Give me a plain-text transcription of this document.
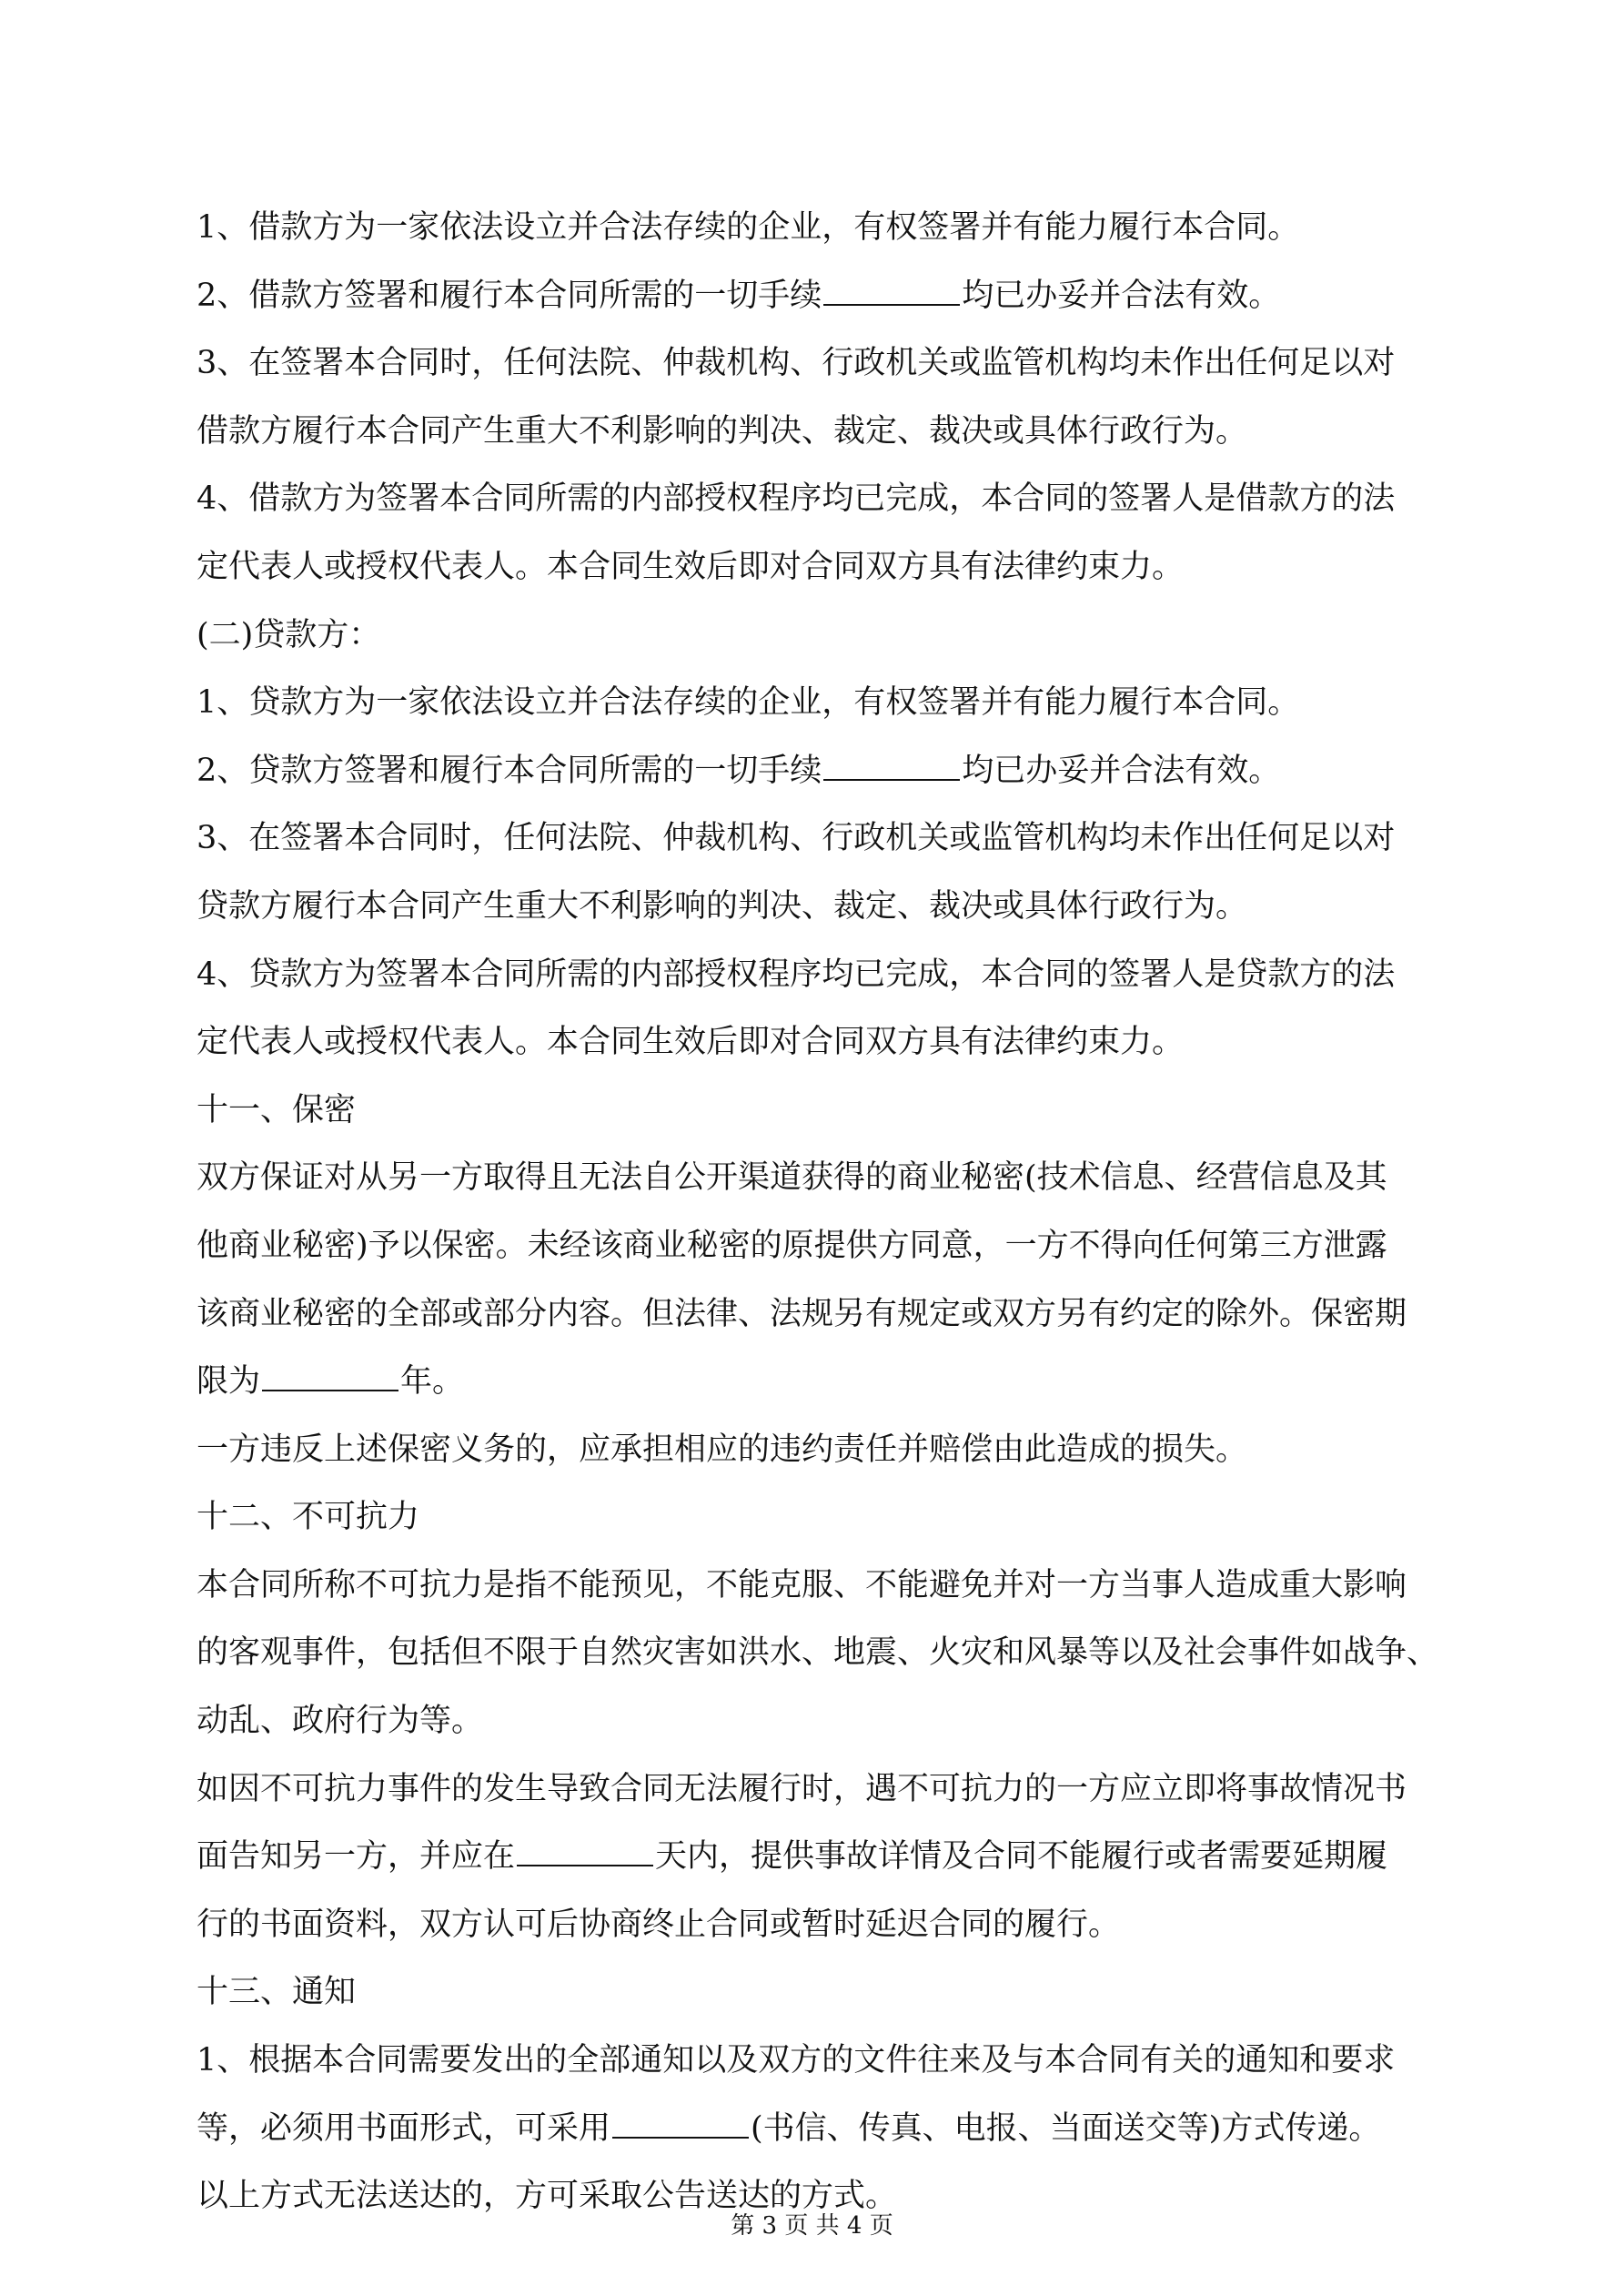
1、借款方为一家依法设立并合法存续的企业，有权签署并有能力履行本合同。
2、借款方签署和履行本合同所需的一切手续	均已办妥并合法有效。
3、在签署本合同时，任何法院、仲裁机构、行政机关或监管机构均未作出任何足以对
借款方履行本合同产生重大不利影响的判决、裁定、裁决或具体行政行为。
4、借款方为签署本合同所需的内部授权程序均已完成，本合同的签署人是借款方的法
定代表人或授权代表人。本合同生效后即对合同双方具有法律约束力。
(二)贷款方：
1、贷款方为一家依法设立并合法存续的企业，有权签署并有能力履行本合同。
2、贷款方签署和履行本合同所需的一切手续	均已办妥并合法有效。
3、在签署本合同时，任何法院、仲裁机构、行政机关或监管机构均未作出任何足以对
贷款方履行本合同产生重大不利影响的判决、裁定、裁决或具体行政行为。
4、贷款方为签署本合同所需的内部授权程序均已完成，本合同的签署人是贷款方的法
定代表人或授权代表人。本合同生效后即对合同双方具有法律约束力。
十一、保密
双方保证对从另一方取得且无法自公开渠道获得的商业秘密(技术信息、经营信息及其
他商业秘密)予以保密。未经该商业秘密的原提供方同意，一方不得向任何第三方泄露
该商业秘密的全部或部分内容。但法律、法规另有规定或双方另有约定的除外。保密期
限为	年。
一方违反上述保密义务的，应承担相应的违约责任并赔偿由此造成的损失。
十二、不可抗力
本合同所称不可抗力是指不能预见，不能克服、不能避免并对一方当事人造成重大影响
的客观事件，包括但不限于自然灾害如洪水、地震、火灾和风暴等以及社会事件如战争、
动乱、政府行为等。
如因不可抗力事件的发生导致合同无法履行时，遇不可抗力的一方应立即将事故情况书
面告知另一方，并应在	天内，提供事故详情及合同不能履行或者需要延期履
行的书面资料，双方认可后协商终止合同或暂时延迟合同的履行。
十三、通知
1、根据本合同需要发出的全部通知以及双方的文件往来及与本合同有关的通知和要求
等，必须用书面形式，可采用	(书信、传真、电报、当面送交等)方式传递。
以上方式无法送达的，方可采取公告送达的方式。
第 3 页 共 4 页
